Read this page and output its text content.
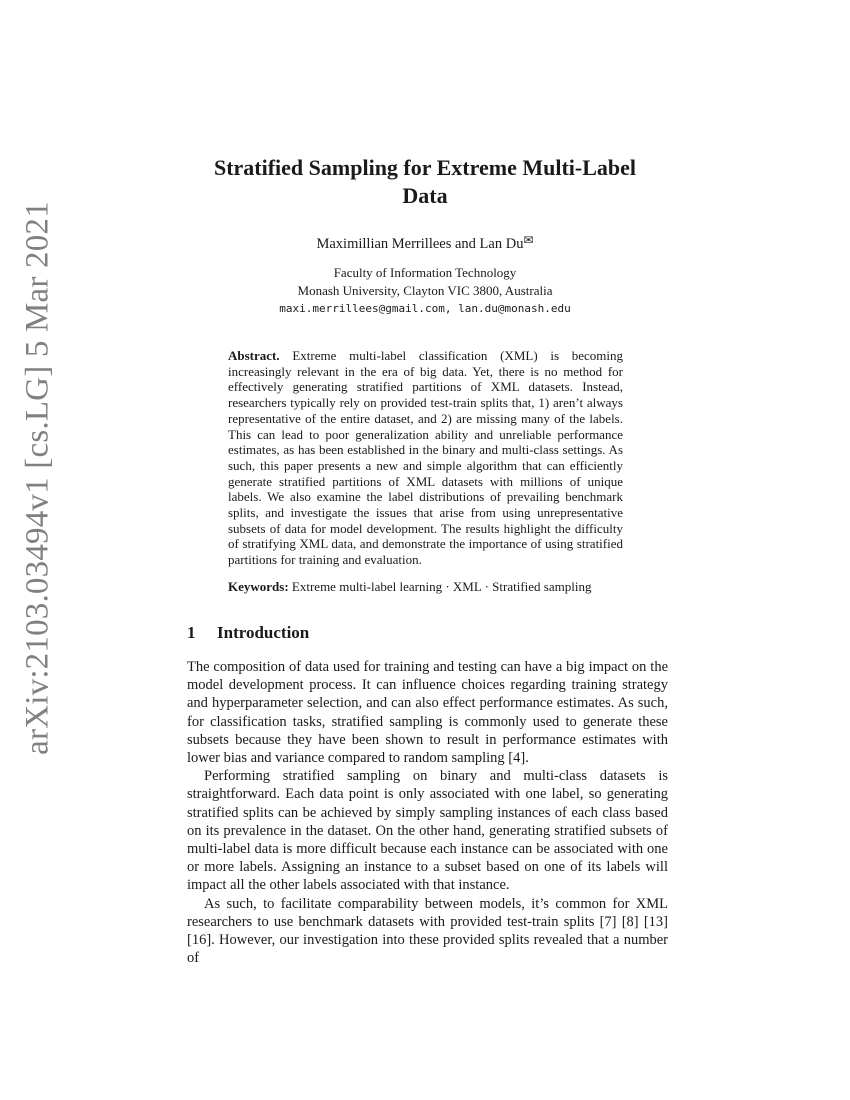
arXiv:2103.03494v1 [cs.LG] 5 Mar 2021
Stratified Sampling for Extreme Multi-Label
Data
Maximillian Merrillees and Lan Du✉
Faculty of Information Technology
Monash University, Clayton VIC 3800, Australia
maxi.merrillees@gmail.com, lan.du@monash.edu
Abstract. Extreme multi-label classification (XML) is becoming increasingly relevant in the era of big data. Yet, there is no method for effectively generating stratified partitions of XML datasets. Instead, researchers typically rely on provided test-train splits that, 1) aren’t always representative of the entire dataset, and 2) are missing many of the labels. This can lead to poor generalization ability and unreliable performance estimates, as has been established in the binary and multi-class settings. As such, this paper presents a new and simple algorithm that can efficiently generate stratified partitions of XML datasets with millions of unique labels. We also examine the label distributions of prevailing benchmark splits, and investigate the issues that arise from using unrepresentative subsets of data for model development. The results highlight the difficulty of stratifying XML data, and demonstrate the importance of using stratified partitions for training and evaluation.
Keywords: Extreme multi-label learning · XML · Stratified sampling
1 Introduction

The composition of data used for training and testing can have a big impact on the model development process. It can influence choices regarding training strategy and hyperparameter selection, and can also effect performance estimates. As such, for classification tasks, stratified sampling is commonly used to generate these subsets because they have been shown to result in performance estimates with lower bias and variance compared to random sampling [4].

Performing stratified sampling on binary and multi-class datasets is straightforward. Each data point is only associated with one label, so generating stratified splits can be achieved by simply sampling instances of each class based on its prevalence in the dataset. On the other hand, generating stratified subsets of multi-label data is more difficult because each instance can be associated with one or more labels. Assigning an instance to a subset based on one of its labels will impact all the other labels associated with that instance.

As such, to facilitate comparability between models, it’s common for XML researchers to use benchmark datasets with provided test-train splits [7] [8] [13] [16]. However, our investigation into these provided splits revealed that a number of
